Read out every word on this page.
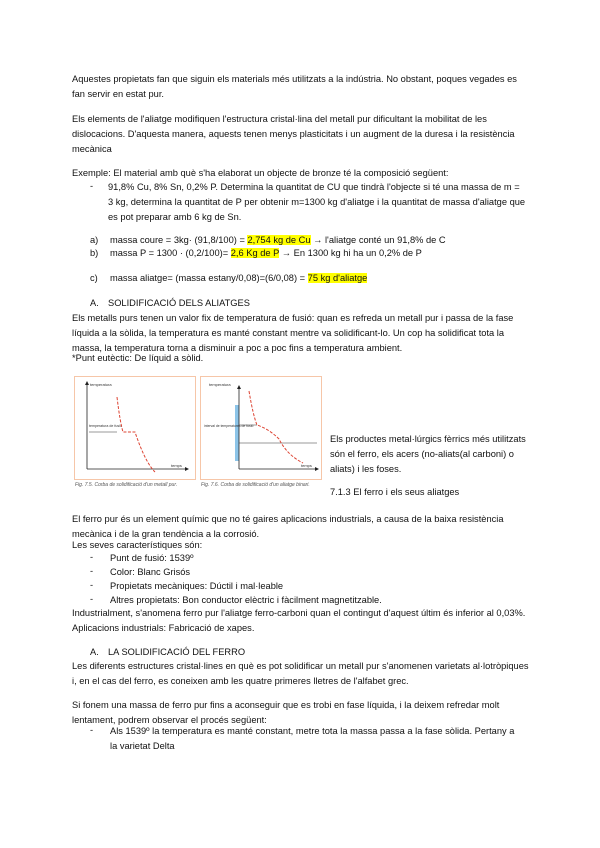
Aquestes propietats fan que siguin els materials més utilitzats a la indústria. No obstant, poques vegades es fan servir en estat pur.
Els elements de l'aliatge modifiquen l'estructura cristal·lina del metall pur dificultant la mobilitat de les dislocacions. D'aquesta manera, aquests tenen menys plasticitats i un augment de la duresa i la resistència mecànica
Exemple: El material amb què s'ha elaborat un objecte de bronze té la composició següent:
- 91,8% Cu, 8% Sn, 0,2% P. Determina la quantitat de CU que tindrà l'objecte si té una massa de m = 3 kg, determina la quantitat de P per obtenir m=1300 kg d'aliatge i la quantitat de massa d'aliatge que es pot preparar amb 6 kg de Sn.
a) massa coure = 3kg· (91,8/100) = 2,754 kg de Cu → l'aliatge conté un 91,8% de C
b) massa P = 1300 · (0,2/100)= 2,6 Kg de P → En 1300 kg hi ha un 0,2% de P
c) massa aliatge= (massa estany/0,08)=(6/0,08) = 75 kg d'aliatge
A. SOLIDIFICACIÓ DELS ALIATGES
Els metalls purs tenen un valor fix de temperatura de fusió: quan es refreda un metall pur i passa de la fase líquida a la sòlida, la temperatura es manté constant mentre va solidificant-lo. Un cop ha solidificat tota la massa, la temperatura torna a disminuir a poc a poc fins a temperatura ambient.
*Punt eutèctic: De líquid a sòlid.
temperatura
temperatura de fusió
temps
Fig. 7.5. Corba de solidificació d'un metall pur.
temperatura
interval de temperatures de fusió
temps
Fig. 7.6. Corba de solidificació d'un aliatge binari.
Els productes metal·lúrgics fèrrics més utilitzats són el ferro, els acers (no-aliats(al carboni) o aliats) i les foses.
7.1.3 El ferro i els seus aliatges
El ferro pur és un element químic que no té gaires aplicacions industrials, a causa de la baixa resistència mecànica i de la gran tendència a la corrosió.
Les seves característiques són:
- Punt de fusió: 1539º
- Color: Blanc Grisós
- Propietats mecàniques: Dúctil i mal·leable
- Altres propietats: Bon conductor elèctric i fàcilment magnetitzable.
Industrialment, s'anomena ferro pur l'aliatge ferro-carboni quan el contingut d'aquest últim és inferior al 0,03%. Aplicacions industrials: Fabricació de xapes.
A. LA SOLIDIFICACIÓ DEL FERRO
Les diferents estructures cristal·lines en què es pot solidificar un metall pur s'anomenen varietats al·lotròpiques i, en el cas del ferro, es coneixen amb les quatre primeres lletres de l'alfabet grec.
Si fonem una massa de ferro pur fins a aconseguir que es trobi en fase líquida, i la deixem refredar molt lentament, podrem observar el procés següent:
- Als 1539º la temperatura es manté constant, metre tota la massa passa a la fase sòlida. Pertany a la varietat Delta
